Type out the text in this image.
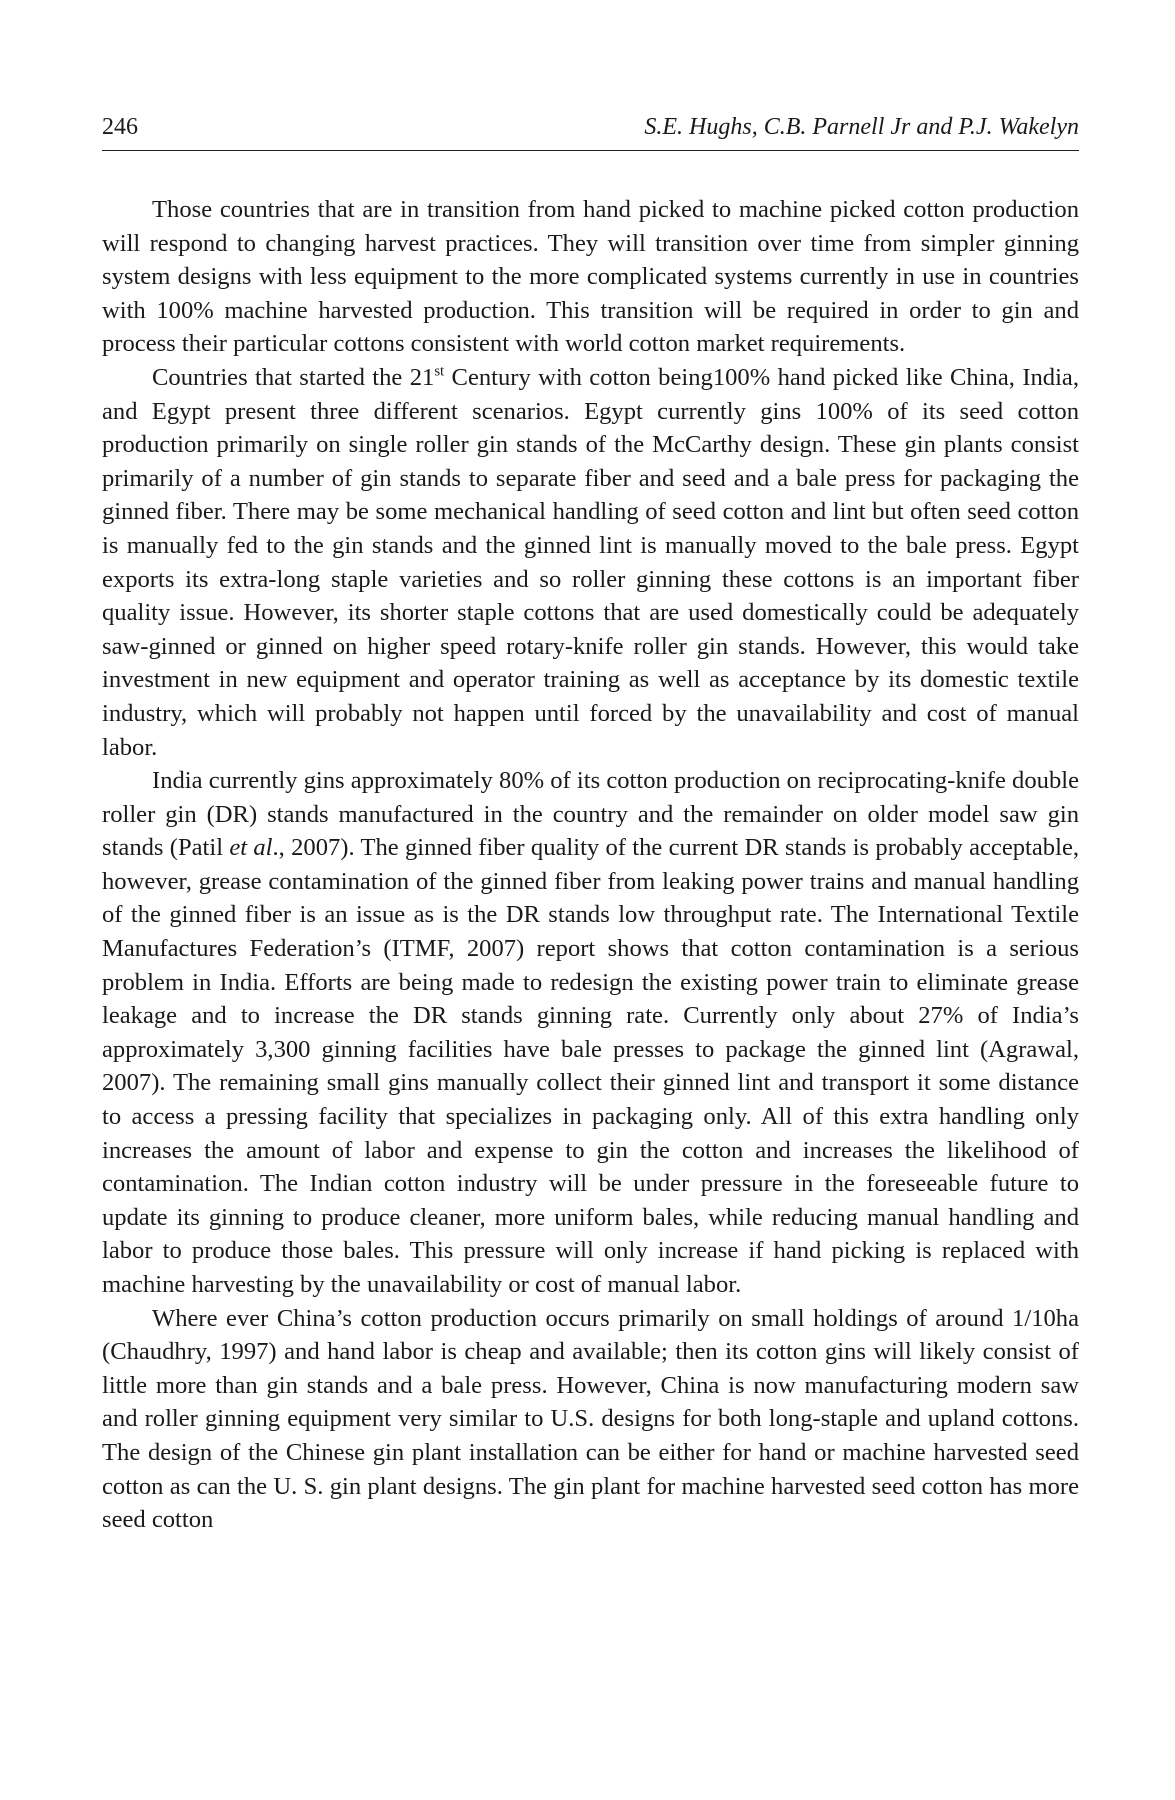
246	S.E. Hughs, C.B. Parnell Jr and P.J. Wakelyn

Those countries that are in transition from hand picked to machine picked cotton production will respond to changing harvest practices. They will transition over time from simpler ginning system designs with less equipment to the more complicated systems currently in use in countries with 100% machine harvested production. This transition will be required in order to gin and process their particular cottons consistent with world cotton market requirements.

Countries that started the 21st Century with cotton being100% hand picked like China, India, and Egypt present three different scenarios. Egypt currently gins 100% of its seed cotton production primarily on single roller gin stands of the McCarthy design. These gin plants consist primarily of a number of gin stands to separate fiber and seed and a bale press for packaging the ginned fiber. There may be some mechanical handling of seed cotton and lint but often seed cotton is manually fed to the gin stands and the ginned lint is manually moved to the bale press. Egypt exports its extra-long staple varieties and so roller ginning these cottons is an important fiber quality issue. However, its shorter staple cottons that are used domestically could be adequately saw-ginned or ginned on higher speed rotary-knife roller gin stands. However, this would take investment in new equipment and operator training as well as acceptance by its domestic textile industry, which will probably not happen until forced by the unavailability and cost of manual labor.

India currently gins approximately 80% of its cotton production on reciprocating-knife double roller gin (DR) stands manufactured in the country and the remainder on older model saw gin stands (Patil et al., 2007). The ginned fiber quality of the current DR stands is probably acceptable, however, grease contamination of the ginned fiber from leaking power trains and manual handling of the ginned fiber is an issue as is the DR stands low throughput rate. The International Textile Manufactures Federation’s (ITMF, 2007) report shows that cotton contamination is a serious problem in India. Efforts are being made to redesign the existing power train to eliminate grease leakage and to increase the DR stands ginning rate. Currently only about 27% of India’s approximately 3,300 ginning facilities have bale presses to package the ginned lint (Agrawal, 2007). The remaining small gins manually collect their ginned lint and transport it some distance to access a pressing facility that specializes in packaging only. All of this extra handling only increases the amount of labor and expense to gin the cotton and increases the likelihood of contamination. The Indian cotton industry will be under pressure in the foreseeable future to update its ginning to produce cleaner, more uniform bales, while reducing manual handling and labor to produce those bales. This pressure will only increase if hand picking is replaced with machine harvesting by the unavailability or cost of manual labor.

Where ever China’s cotton production occurs primarily on small holdings of around 1/10ha (Chaudhry, 1997) and hand labor is cheap and available; then its cotton gins will likely consist of little more than gin stands and a bale press. However, China is now manufacturing modern saw and roller ginning equipment very similar to U.S. designs for both long-staple and upland cottons. The design of the Chinese gin plant installation can be either for hand or machine harvested seed cotton as can the U. S. gin plant designs. The gin plant for machine harvested seed cotton has more seed cotton
